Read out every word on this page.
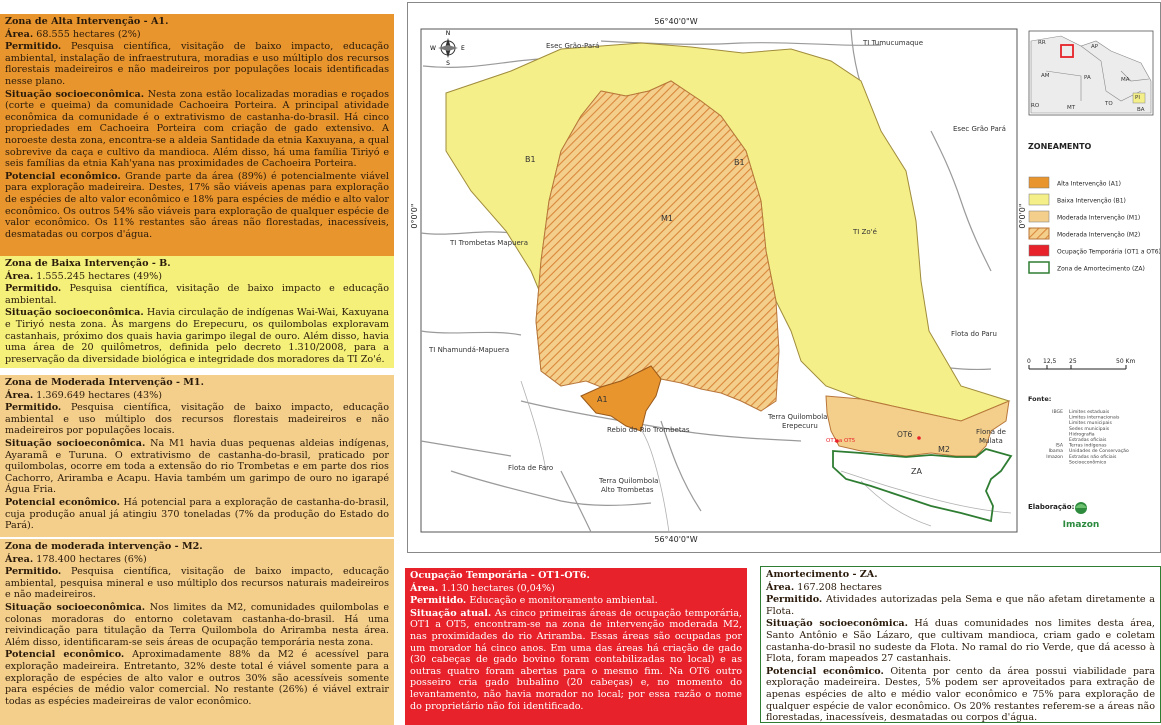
Zona de Alta Intervenção - A1.

Área. 68.555 hectares (2%)

Permitido. Pesquisa científica, visitação de baixo impacto, educação ambiental, instalação de infraestrutura, moradias e uso múltiplo dos recursos florestais madeireiros e não madeireiros por populações locais identificadas nesse plano.

Situação socioeconômica. Nesta zona estão localizadas moradias e roçados (corte e queima) da comunidade Cachoeira Porteira. A principal atividade econômica da comunidade é o extrativismo de castanha-do-brasil. Há cinco propriedades em Cachoeira Porteira com criação de gado extensivo. A noroeste desta zona, encontra-se a aldeia Santidade da etnia Kaxuyana, a qual sobrevive da caça e cultivo da mandioca. Além disso, há uma família Tiriyó e seis famílias da etnia Kah'yana nas proximidades de Cachoeira Porteira.

Potencial econômico. Grande parte da área (89%) é potencialmente viável para exploração madeireira. Destes, 17% são viáveis apenas para exploração de espécies de alto valor econômico e 18% para espécies de médio e alto valor econômico. Os outros 54% são viáveis para exploração de qualquer espécie de valor econômico. Os 11% restantes são áreas não florestadas, inacessíveis, desmatadas ou corpos d'água.

Zona de Baixa Intervenção - B.

Área. 1.555.245 hectares (49%)

Permitido. Pesquisa científica, visitação de baixo impacto e educação ambiental.

Situação socioeconômica. Havia circulação de indígenas Wai-Wai, Kaxuyana e Tiriyó nesta zona. Às margens do Erepecuru, os quilombolas exploravam castanhais, próximo dos quais havia garimpo ilegal de ouro. Além disso, havia uma área de 20 quilômetros, definida pelo decreto 1.310/2008, para a preservação da diversidade biológica e integridade dos moradores da TI Zo'é.

Zona de Moderada Intervenção - M1.

Área. 1.369.649 hectares (43%)

Permitido. Pesquisa científica, visitação de baixo impacto, educação ambiental e uso múltiplo dos recursos florestais madeireiros e não madeireiros por populações locais.

Situação socioeconômica. Na M1 havia duas pequenas aldeias indígenas, Ayaramã e Turuna. O extrativismo de castanha-do-brasil, praticado por quilombolas, ocorre em toda a extensão do rio Trombetas e em parte dos rios Cachorro, Ariramba e Acapu. Havia também um garimpo de ouro no igarapé Água Fria.

Potencial econômico. Há potencial para a exploração de castanha-do-brasil, cuja produção anual já atingiu 370 toneladas (7% da produção do Estado do Pará).

Zona de moderada intervenção - M2.

Área. 178.400 hectares (6%)

Permitido. Pesquisa científica, visitação de baixo impacto, educação ambiental, pesquisa mineral e uso múltiplo dos recursos naturais madeireiros e não madeireiros.

Situação socioeconômica. Nos limites da M2, comunidades quilombolas e colonas moradoras do entorno coletavam castanha-do-brasil. Há uma reivindicação para titulação da Terra Quilombola do Ariramba nesta área. Além disso, identificaram-se seis áreas de ocupação temporária nesta zona.

Potencial econômico. Aproximadamente 88% da M2 é acessível para exploração madeireira. Entretanto, 32% deste total é viável somente para a exploração de espécies de alto valor e outros 30% são acessíveis somente para espécies de médio valor comercial. No restante (26%) é viável extrair todas as espécies madeireiras de valor econômico.

Ocupação Temporária - OT1-OT6.

Área. 1.130 hectares (0,04%)

Permitido. Educação e monitoramento ambiental.

Situação atual. As cinco primeiras áreas de ocupação temporária, OT1 a OT5, encontram-se na zona de intervenção moderada M2, nas proximidades do rio Ariramba. Essas áreas são ocupadas por um morador há cinco anos. Em uma das áreas há criação de gado (30 cabeças de gado bovino foram contabilizadas no local) e as outras quatro foram abertas para o mesmo fim. Na OT6 outro posseiro cria gado bubalino (20 cabeças) e, no momento do levantamento, não havia morador no local; por essa razão o nome do proprietário não foi identificado.

Amortecimento - ZA.

Área. 167.208 hectares

Permitido. Atividades autorizadas pela Sema e que não afetam diretamente a Flota.

Situação socioeconômica. Há duas comunidades nos limites desta área, Santo Antônio e São Lázaro, que cultivam mandioca, criam gado e coletam castanha-do-brasil no sudeste da Flota. No ramal do rio Verde, que dá acesso à Flota, foram mapeados 27 castanhais.

Potencial econômico. Oitenta por cento da área possui viabilidade para exploração madeireira. Destes, 5% podem ser aproveitados para extração de apenas espécies de alto e médio valor econômico e 75% para exploração de qualquer espécie de valor econômico. Os 20% restantes referem-se a áreas não florestadas, inacessíveis, desmatadas ou corpos d'água.

56°40'0"W
56°40'0"W
0°0'0"	0°0'0"
N
S
E
W	Esec Grão-Pará	TI Tumucumaque
Esec Grão Pará
B1	B1
M1
TI Zo'é
TI Trombetas Mapuera
TI Nhamundá-Mapuera
Flota do Paru
A1
Rebio do Rio Trombetas
Terra Quilombola Erepecuru
OT1 a OT5
OT6
M2
Flona de Mulata
ZA
Flota de Faro
Terra Quilombola Alto Trombetas
RR
AP
AM	PA	MA
PI
RO	MT
TO
BA
ZONEAMENTO
Alta Intervenção (A1)
Baixa Intervenção (B1)
Moderada Intervenção (M1)
Moderada Intervenção (M2)
Ocupação Temporária (OT1 a OT6)
Zona de Amortecimento (ZA)
0 12,5 25	50 Km
Fonte:
IBGE Limites estaduais
Limites internacionais
Limites municipais
Sedes municipais
Hidrografia
Estradas oficiais
ISA Terras indígenas
Ibama Unidades de Conservação
Imazon Estradas não oficiais
Socioeconômico
Elaboração:
Imazon
